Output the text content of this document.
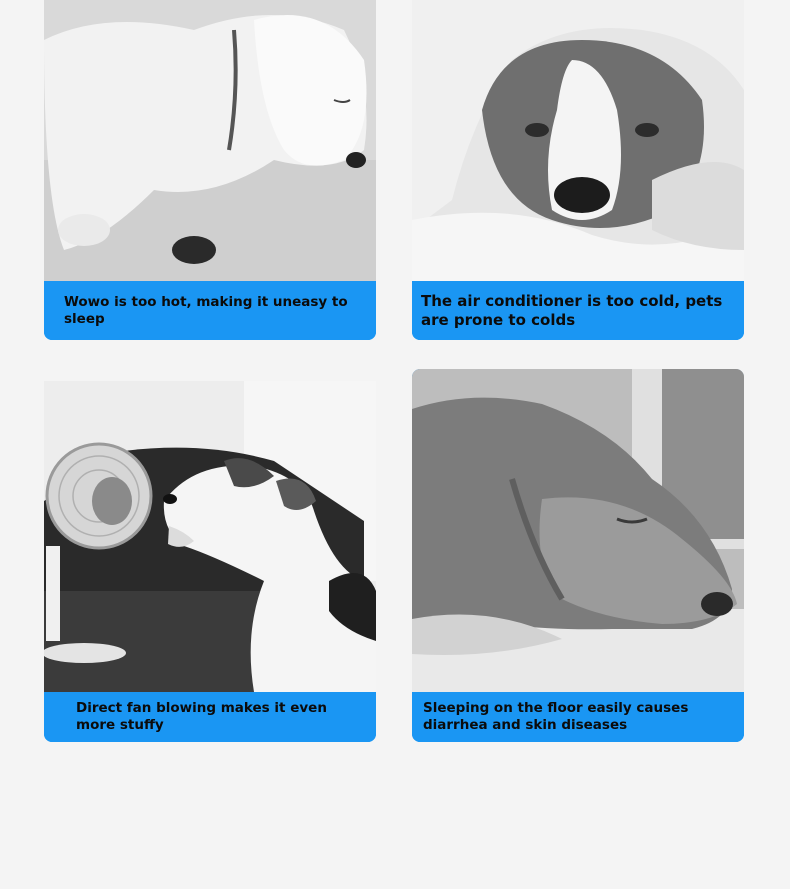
Wowo is too hot, making it uneasy to sleep
The air conditioner is too cold, pets are prone to colds
Direct fan blowing makes it even more stuffy
Sleeping on the floor easily causes diarrhea and skin diseases
